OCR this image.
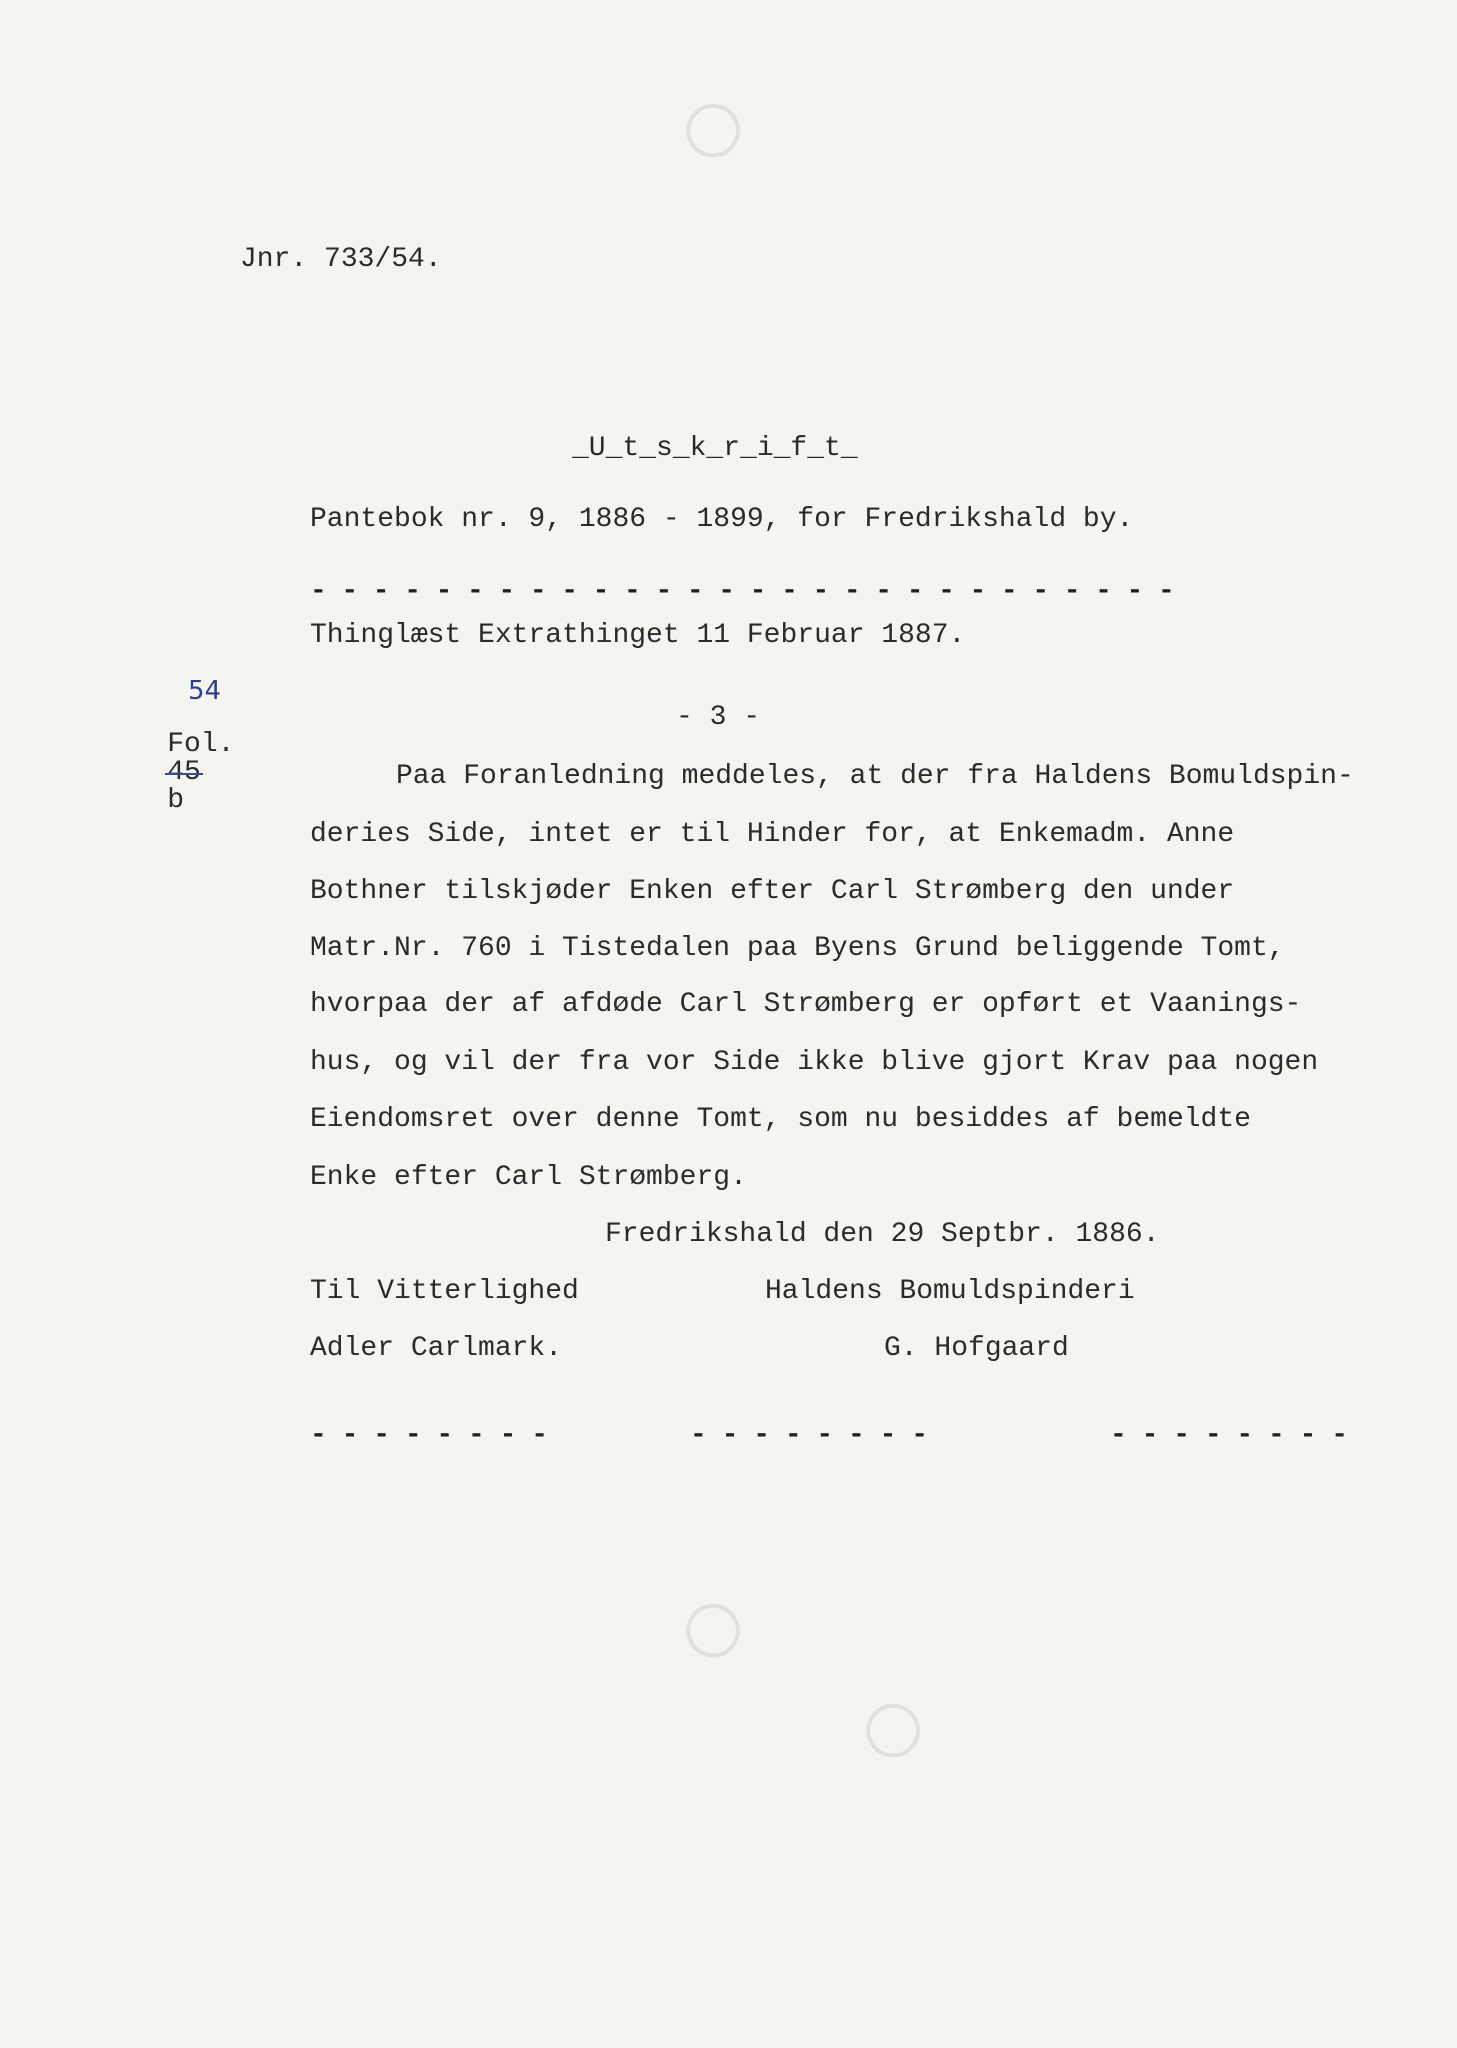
Jnr. 733/54.
_U_t_s_k_r_i_f_t_
Pantebok nr. 9, 1886 - 1899, for Fredrikshald by.
- - - - - - - - - - - - - - - - - - - - - - - - - - - -
Thinglæst Extrathinget 11 Februar 1887.

Fol.
45
b

54
- 3 -
Paa Foranledning meddeles, at der fra Haldens Bomuldspin-
deries Side, intet er til Hinder for, at Enkemadm. Anne
Bothner tilskjøder Enken efter Carl Strømberg den under
Matr.Nr. 760 i Tistedalen paa Byens Grund beliggende Tomt,
hvorpaa der af afdøde Carl Strømberg er opført et Vaanings-
hus, og vil der fra vor Side ikke blive gjort Krav paa nogen
Eiendomsret over denne Tomt, som nu besiddes af bemeldte
Enke efter Carl Strømberg.
Fredrikshald den 29 Septbr. 1886.
Til Vitterlighed	Haldens Bomuldspinderi
Adler Carlmark.	G. Hofgaard
- - - - - - - -	- - - - - - - -	- - - - - - - -
○
○
○
